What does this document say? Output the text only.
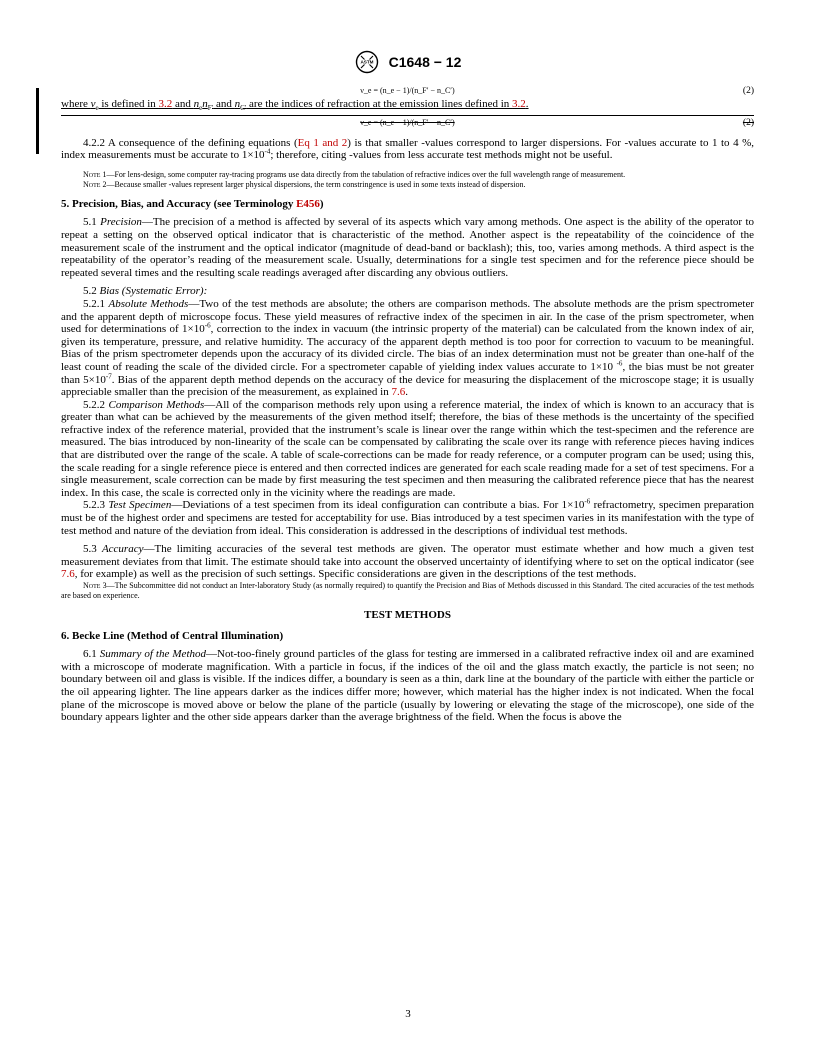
ASTM C1648 − 12
ν_e = (n_e − 1)/(n_F′ − n_C′)	(2)

where $v_e$ is defined in 3.2 and $n_en_{F'}$ and $n_{C'}$ are the indices of refraction at the emission lines defined in 3.2.

ν_e = (n_e − 1)/(n_F′ − n_C′)	(2)

4.2.2 A consequence of the defining equations (Eq 1 and 2) is that smaller -values correspond to larger dispersions. For -values accurate to 1 to 4 %, index measurements must be accurate to $1\times 10^{-4}$; therefore, citing -values from less accurate test methods might not be useful.

Note 1—For lens-design, some computer ray-tracing programs use data directly from the tabulation of refractive indices over the full wavelength range of measurement.

Note 2—Because smaller -values represent larger physical dispersions, the term constringence is used in some texts instead of dispersion.

5. Precision, Bias, and Accuracy (see Terminology E456)

5.1 Precision—The precision of a method is affected by several of its aspects which vary among methods. One aspect is the ability of the operator to repeat a setting on the observed optical indicator that is characteristic of the method. Another aspect is the repeatability of the coincidence of the measurement scale of the instrument and the optical indicator (magnitude of dead-band or backlash); this, too, varies among methods. A third aspect is the repeatability of the operator’s reading of the measurement scale. Usually, determinations for a single test specimen and for the reference piece should be repeated several times and the resulting scale readings averaged after discarding any obvious outliers.

5.2 Bias (Systematic Error):

5.2.1 Absolute Methods—Two of the test methods are absolute; the others are comparison methods. The absolute methods are the prism spectrometer and the apparent depth of microscope focus. These yield measures of refractive index of the specimen in air. In the case of the prism spectrometer, when used for determinations of $1\times 10^{-6}$, correction to the index in vacuum (the intrinsic property of the material) can be calculated from the known index of air, given its temperature, pressure, and relative humidity. The accuracy of the apparent depth method is too poor for correction to vacuum to be meaningful. Bias of the prism spectrometer depends upon the accuracy of its divided circle. The bias of an index determination must not be greater than one-half of the least count of reading the scale of the divided circle. For a spectrometer capable of yielding index values accurate to 1×10 $^{-6}$, the bias must be not greater than $5\times 10^{-7}$. Bias of the apparent depth method depends on the accuracy of the device for measuring the displacement of the microscope stage; it is usually appreciable smaller than the precision of the measurement, as explained in 7.6.

5.2.2 Comparison Methods—All of the comparison methods rely upon using a reference material, the index of which is known to an accuracy that is greater than what can be achieved by the measurements of the given method itself; therefore, the bias of these methods is the uncertainty of the specified refractive index of the reference material, provided that the instrument’s scale is linear over the range within which the test-specimen and the reference are measured. The bias introduced by non-linearity of the scale can be compensated by calibrating the scale over its range with reference pieces having indices that are distributed over the range of the scale. A table of scale-corrections can be made for ready reference, or a computer program can be used; using this, the scale reading for a single reference piece is entered and then corrected indices are generated for each scale reading made for a set of test specimens. For a single measurement, scale correction can be made by first measuring the test specimen and then measuring the calibrated reference piece that has the nearest index. In this case, the scale is corrected only in the vicinity where the readings are made.

5.2.3 Test Specimen—Deviations of a test specimen from its ideal configuration can contribute a bias. For $1\times 10^{-6}$ refractometry, specimen preparation must be of the highest order and specimens are tested for acceptability for use. Bias introduced by a test specimen varies in its manifestation with the type of test method and nature of the deviation from ideal. This consideration is addressed in the descriptions of individual test methods.

5.3 Accuracy—The limiting accuracies of the several test methods are given. The operator must estimate whether and how much a given test measurement deviates from that limit. The estimate should take into account the observed uncertainty of identifying where to set on the optical indicator (see 7.6, for example) as well as the precision of such settings. Specific considerations are given in the descriptions of the test methods.

Note 3—The Subcommittee did not conduct an Inter-laboratory Study (as normally required) to quantify the Precision and Bias of Methods discussed in this Standard. The cited accuracies of the test methods are based on experience.

TEST METHODS
6. Becke Line (Method of Central Illumination)

6.1 Summary of the Method—Not-too-finely ground particles of the glass for testing are immersed in a calibrated refractive index oil and are examined with a microscope of moderate magnification. With a particle in focus, if the indices of the oil and the glass match exactly, the particle is not seen; no boundary between oil and glass is visible. If the indices differ, a boundary is seen as a thin, dark line at the boundary of the particle with either the particle or the oil appearing lighter. The line appears darker as the indices differ more; however, which material has the higher index is not indicated. When the focal plane of the microscope is moved above or below the plane of the particle (usually by lowering or elevating the stage of the microscope), one side of the boundary appears lighter and the other side appears darker than the average brightness of the field. When the focus is above the

3
